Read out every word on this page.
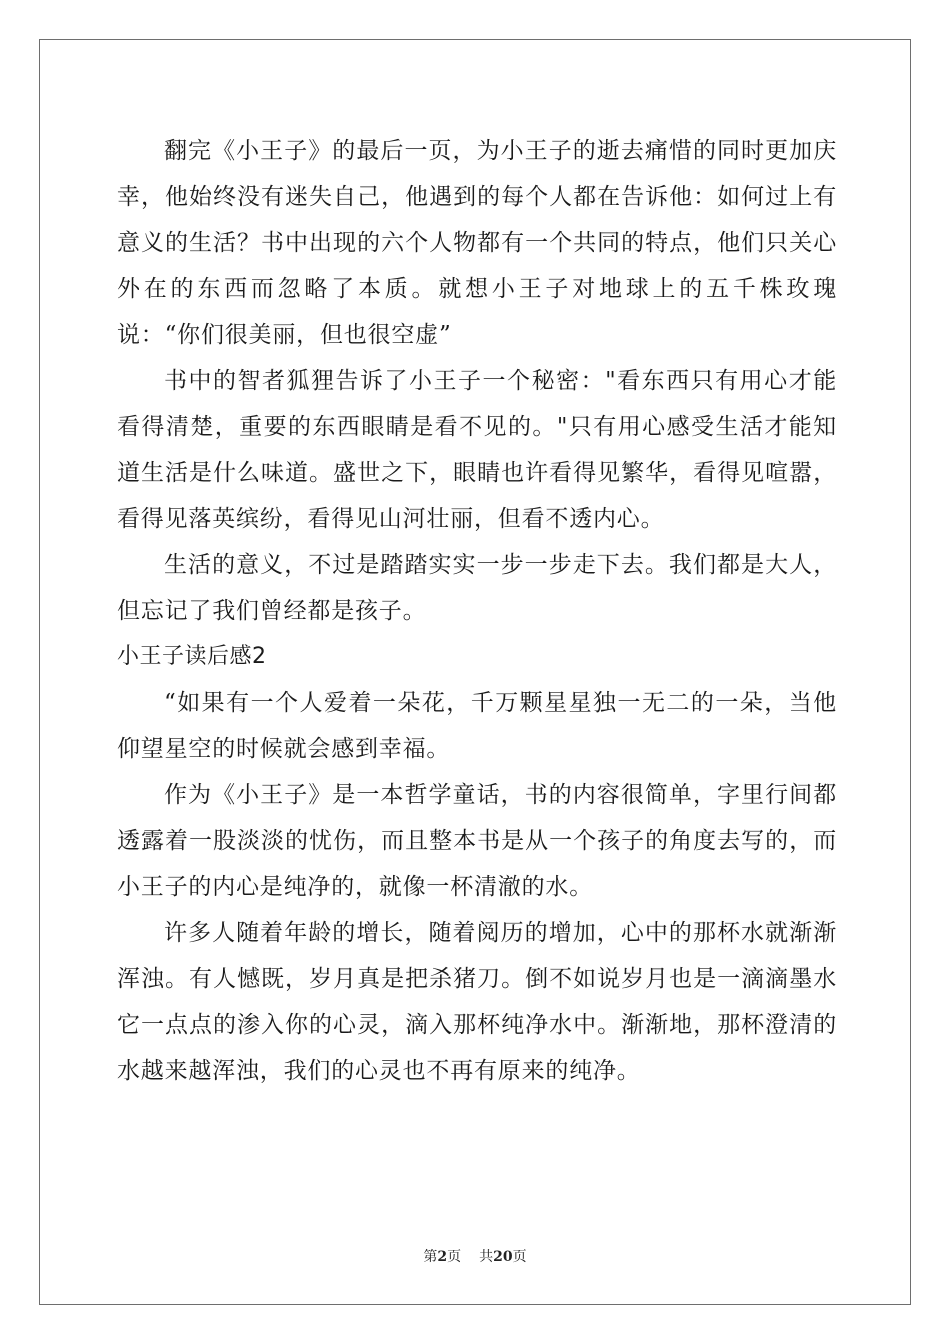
翻完《小王子》的最后一页，为小王子的逝去痛惜的同时更加庆幸，他始终没有迷失自己，他遇到的每个人都在告诉他：如何过上有意义的生活？书中出现的六个人物都有一个共同的特点，他们只关心外在的东西而忽略了本质。就想小王子对地球上的五千株玫瑰说：“你们很美丽，但也很空虚”

书中的智者狐狸告诉了小王子一个秘密："看东西只有用心才能看得清楚，重要的东西眼睛是看不见的。"只有用心感受生活才能知道生活是什么味道。盛世之下，眼睛也许看得见繁华，看得见喧嚣，看得见落英缤纷，看得见山河壮丽，但看不透内心。

生活的意义，不过是踏踏实实一步一步走下去。我们都是大人，但忘记了我们曾经都是孩子。

小王子读后感2

“如果有一个人爱着一朵花，千万颗星星独一无二的一朵，当他仰望星空的时候就会感到幸福。

作为《小王子》是一本哲学童话，书的内容很简单，字里行间都透露着一股淡淡的忧伤，而且整本书是从一个孩子的角度去写的，而小王子的内心是纯净的，就像一杯清澈的水。

许多人随着年龄的增长，随着阅历的增加，心中的那杯水就渐渐浑浊。有人憾既，岁月真是把杀猪刀。倒不如说岁月也是一滴滴墨水它一点点的渗入你的心灵，滴入那杯纯净水中。渐渐地，那杯澄清的水越来越浑浊，我们的心灵也不再有原来的纯净。

第2页 共20页
